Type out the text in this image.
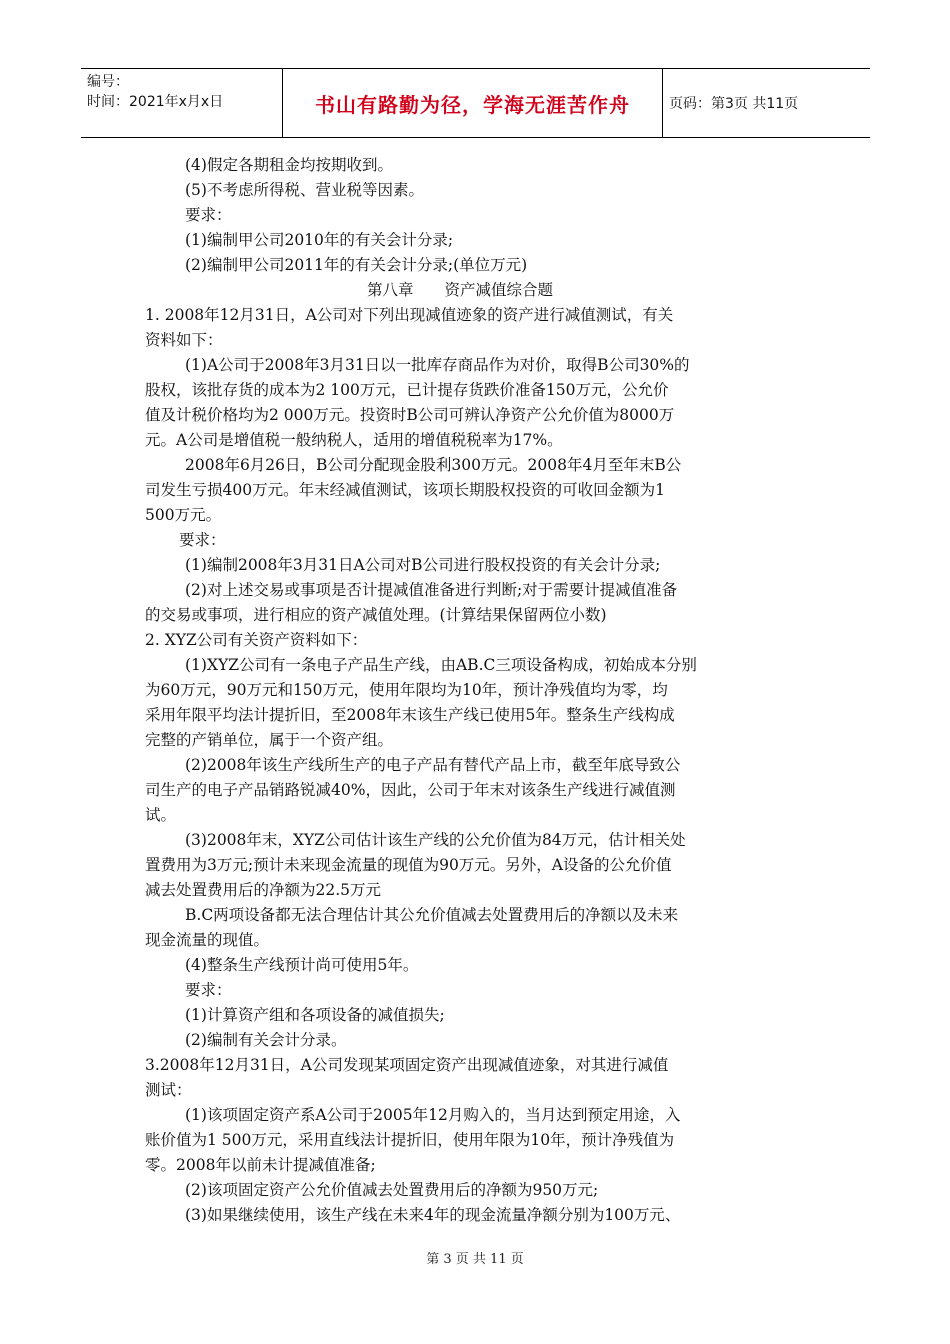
编号：
时间：2021年x月x日	书山有路勤为径，学海无涯苦作舟	页码：第3页 共11页
(4)假定各期租金均按期收到。
(5)不考虑所得税、营业税等因素。
要求：
(1)编制甲公司2010年的有关会计分录;
(2)编制甲公司2011年的有关会计分录;(单位万元)
第八章　　资产减值综合题
1. 2008年12月31日，A公司对下列出现减值迹象的资产进行减值测试，有关
资料如下：
(1)A公司于2008年3月31日以一批库存商品作为对价，取得B公司30%的
股权，该批存货的成本为2 100万元，已计提存货跌价准备150万元，公允价
值及计税价格均为2 000万元。投资时B公司可辨认净资产公允价值为8000万
元。A公司是增值税一般纳税人，适用的增值税税率为17%。
2008年6月26日，B公司分配现金股利300万元。2008年4月至年末B公
司发生亏损400万元。年末经减值测试，该项长期股权投资的可收回金额为1
500万元。
要求：
(1)编制2008年3月31日A公司对B公司进行股权投资的有关会计分录;
(2)对上述交易或事项是否计提减值准备进行判断;对于需要计提减值准备
的交易或事项，进行相应的资产减值处理。(计算结果保留两位小数)
2. XYZ公司有关资产资料如下：
(1)XYZ公司有一条电子产品生产线，由AB.C三项设备构成，初始成本分别
为60万元，90万元和150万元，使用年限均为10年，预计净残值均为零，均
采用年限平均法计提折旧，至2008年末该生产线已使用5年。整条生产线构成
完整的产销单位，属于一个资产组。
(2)2008年该生产线所生产的电子产品有替代产品上市，截至年底导致公
司生产的电子产品销路锐减40%，因此，公司于年末对该条生产线进行减值测
试。
(3)2008年末，XYZ公司估计该生产线的公允价值为84万元，估计相关处
置费用为3万元;预计未来现金流量的现值为90万元。另外，A设备的公允价值
减去处置费用后的净额为22.5万元
B.C两项设备都无法合理估计其公允价值减去处置费用后的净额以及未来
现金流量的现值。
(4)整条生产线预计尚可使用5年。
要求：
(1)计算资产组和各项设备的减值损失;
(2)编制有关会计分录。
3.2008年12月31日，A公司发现某项固定资产出现减值迹象，对其进行减值
测试：
(1)该项固定资产系A公司于2005年12月购入的，当月达到预定用途，入
账价值为1 500万元，采用直线法计提折旧，使用年限为10年，预计净残值为
零。2008年以前未计提减值准备;
(2)该项固定资产公允价值减去处置费用后的净额为950万元;
(3)如果继续使用，该生产线在未来4年的现金流量净额分别为100万元、
第 3 页 共 11 页
